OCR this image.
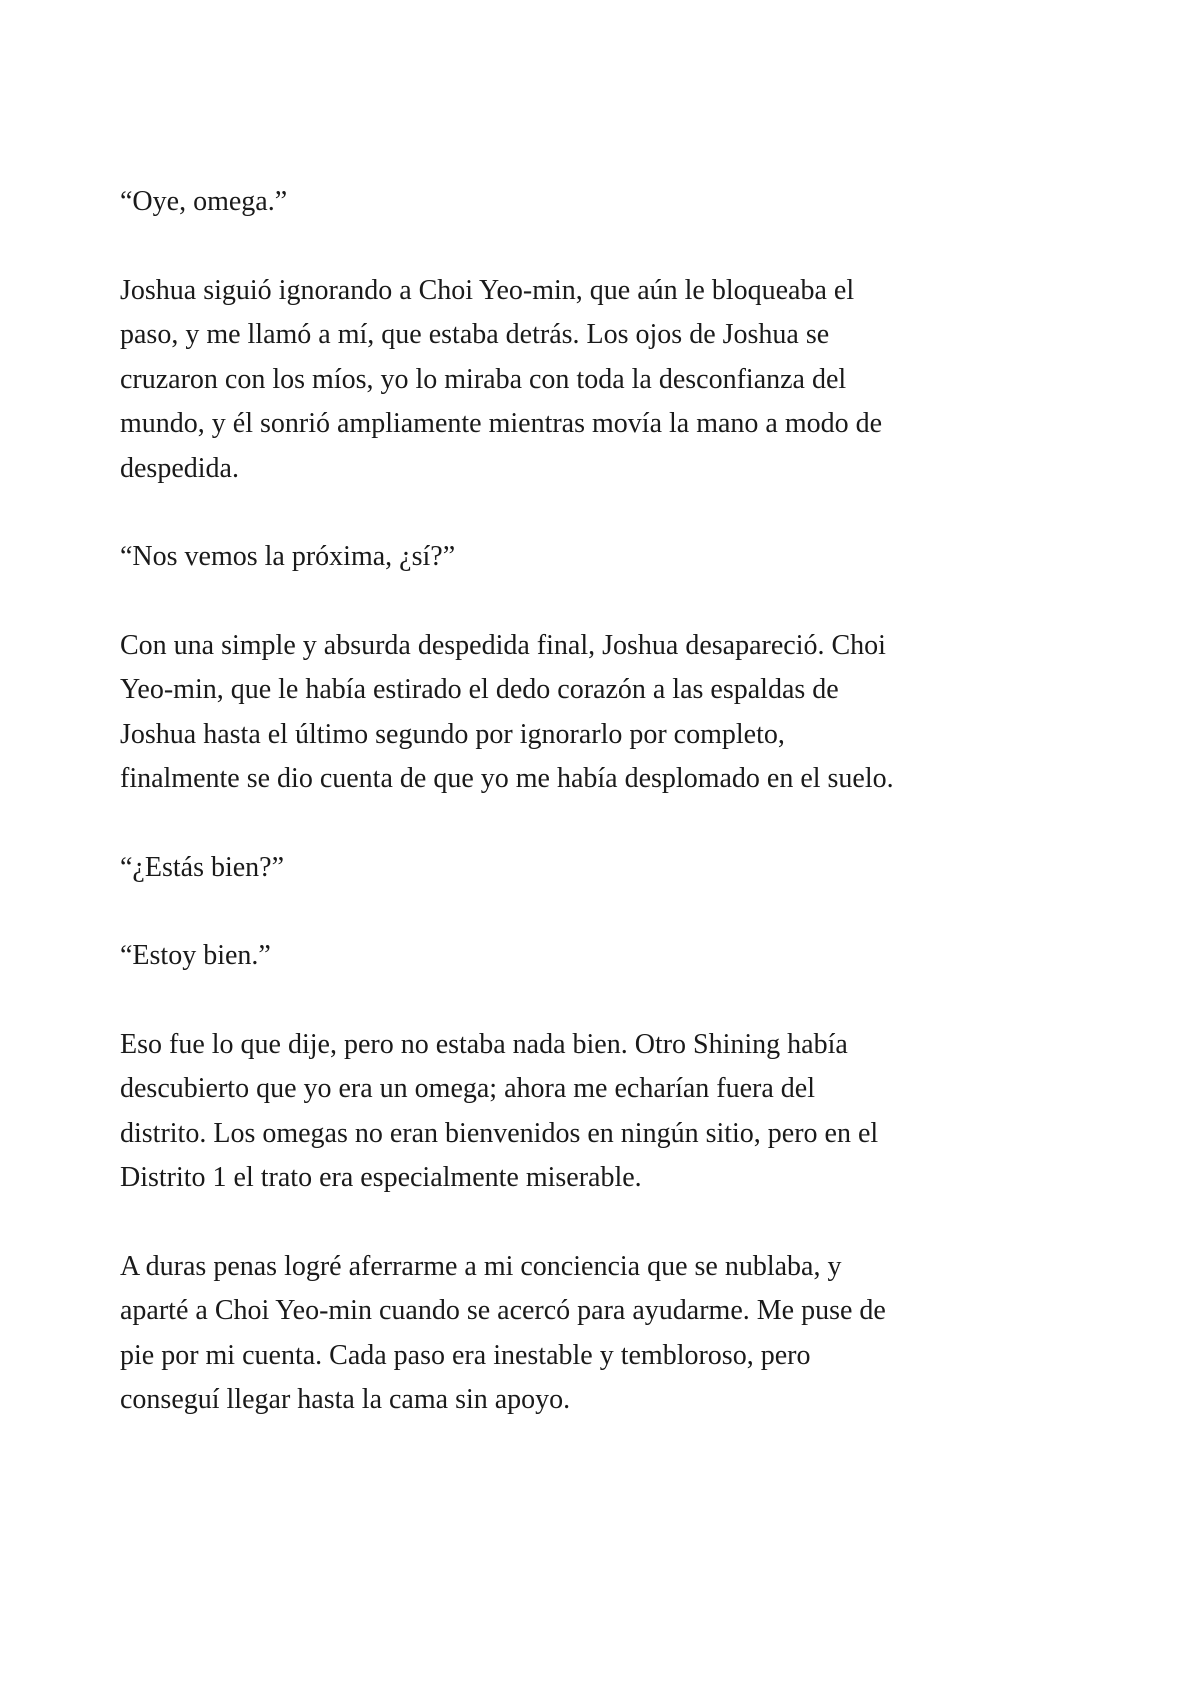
“Oye, omega.”

Joshua siguió ignorando a Choi Yeo-min, que aún le bloqueaba el
paso, y me llamó a mí, que estaba detrás. Los ojos de Joshua se
cruzaron con los míos, yo lo miraba con toda la desconfianza del
mundo, y él sonrió ampliamente mientras movía la mano a modo de
despedida.

“Nos vemos la próxima, ¿sí?”

Con una simple y absurda despedida final, Joshua desapareció. Choi
Yeo-min, que le había estirado el dedo corazón a las espaldas de
Joshua hasta el último segundo por ignorarlo por completo,
finalmente se dio cuenta de que yo me había desplomado en el suelo.

“¿Estás bien?”

“Estoy bien.”

Eso fue lo que dije, pero no estaba nada bien. Otro Shining había
descubierto que yo era un omega; ahora me echarían fuera del
distrito. Los omegas no eran bienvenidos en ningún sitio, pero en el
Distrito 1 el trato era especialmente miserable.

A duras penas logré aferrarme a mi conciencia que se nublaba, y
aparté a Choi Yeo-min cuando se acercó para ayudarme. Me puse de
pie por mi cuenta. Cada paso era inestable y tembloroso, pero
conseguí llegar hasta la cama sin apoyo.
